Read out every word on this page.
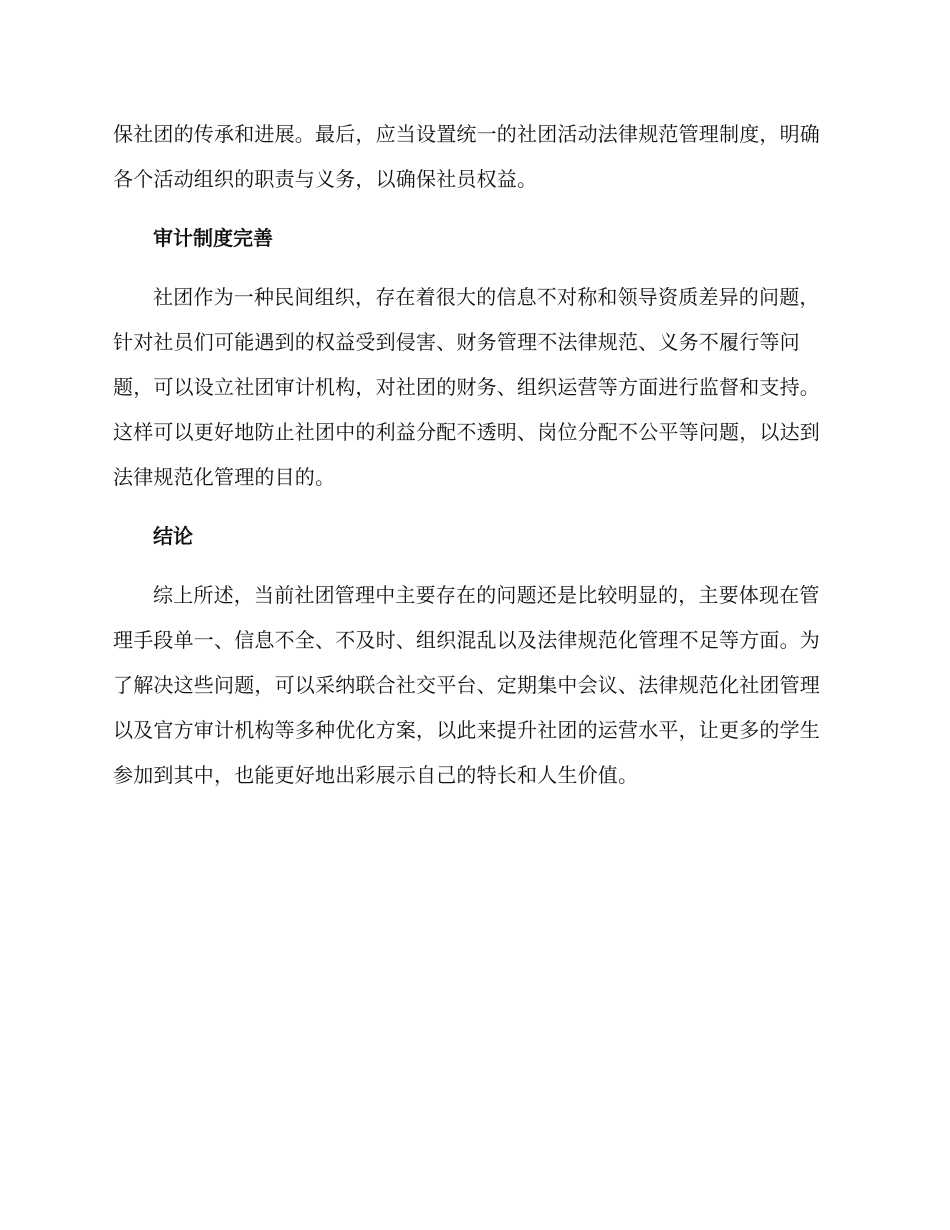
保社团的传承和进展。最后，应当设置统一的社团活动法律规范管理制度，明确各个活动组织的职责与义务，以确保社员权益。

审计制度完善

社团作为一种民间组织，存在着很大的信息不对称和领导资质差异的问题，针对社员们可能遇到的权益受到侵害、财务管理不法律规范、义务不履行等问题，可以设立社团审计机构，对社团的财务、组织运营等方面进行监督和支持。这样可以更好地防止社团中的利益分配不透明、岗位分配不公平等问题，以达到法律规范化管理的目的。

结论

综上所述，当前社团管理中主要存在的问题还是比较明显的，主要体现在管理手段单一、信息不全、不及时、组织混乱以及法律规范化管理不足等方面。为了解决这些问题，可以采纳联合社交平台、定期集中会议、法律规范化社团管理以及官方审计机构等多种优化方案，以此来提升社团的运营水平，让更多的学生参加到其中，也能更好地出彩展示自己的特长和人生价值。
